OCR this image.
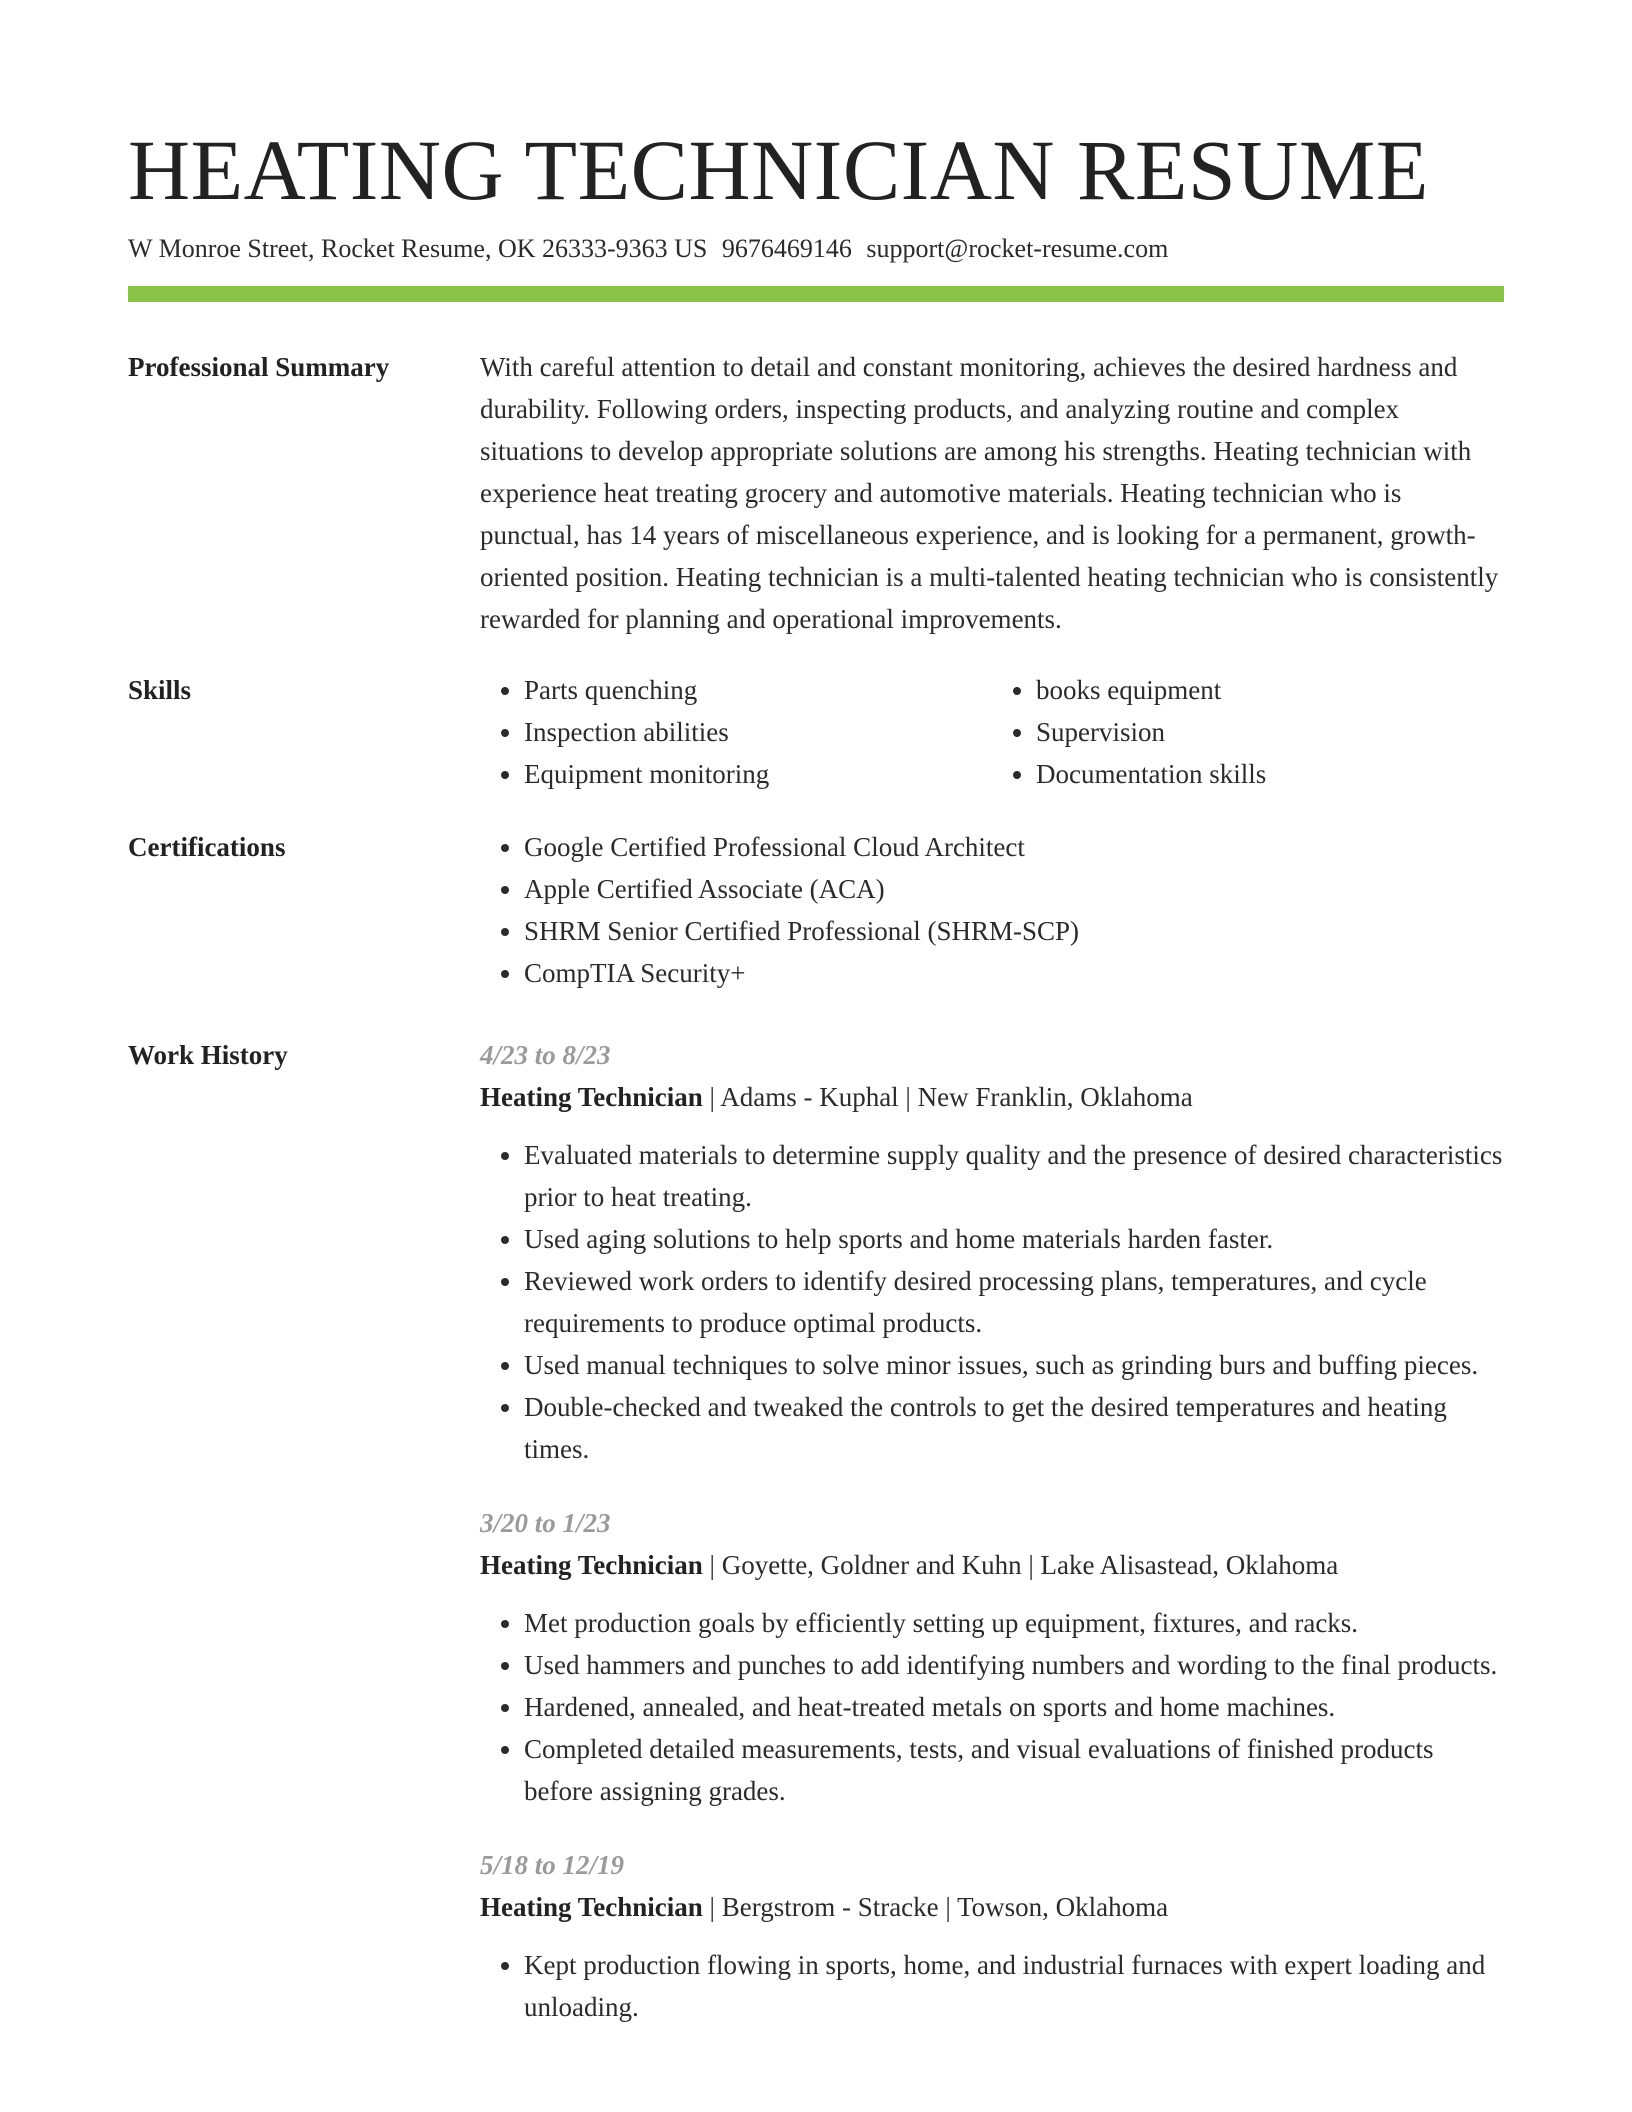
HEATING TECHNICIAN RESUME
W Monroe Street, Rocket Resume, OK 26333-9363 US 9676469146 support@rocket-resume.com
Professional Summary	With careful attention to detail and constant monitoring, achieves the desired hardness and durability. Following orders, inspecting products, and analyzing routine and complex situations to develop appropriate solutions are among his strengths. Heating technician with experience heat treating grocery and automotive materials. Heating technician who is punctual, has 14 years of miscellaneous experience, and is looking for a permanent, growth-oriented position. Heating technician is a multi-talented heating technician who is consistently rewarded for planning and operational improvements.

Skills	• Parts quenching
• Inspection abilities
• Equipment monitoring
• books equipment
• Supervision
• Documentation skills
Certifications	• Google Certified Professional Cloud Architect
• Apple Certified Associate (ACA)
• SHRM Senior Certified Professional (SHRM-SCP)
• CompTIA Security+
Work History	4/23 to 8/23
Heating Technician | Adams - Kuphal | New Franklin, Oklahoma
• Evaluated materials to determine supply quality and the presence of desired characteristics prior to heat treating.
• Used aging solutions to help sports and home materials harden faster.
• Reviewed work orders to identify desired processing plans, temperatures, and cycle requirements to produce optimal products.
• Used manual techniques to solve minor issues, such as grinding burs and buffing pieces.
• Double-checked and tweaked the controls to get the desired temperatures and heating times.
3/20 to 1/23
Heating Technician | Goyette, Goldner and Kuhn | Lake Alisastead, Oklahoma
• Met production goals by efficiently setting up equipment, fixtures, and racks.
• Used hammers and punches to add identifying numbers and wording to the final products.
• Hardened, annealed, and heat-treated metals on sports and home machines.
• Completed detailed measurements, tests, and visual evaluations of finished products before assigning grades.
5/18 to 12/19
Heating Technician | Bergstrom - Stracke | Towson, Oklahoma
• Kept production flowing in sports, home, and industrial furnaces with expert loading and unloading.
